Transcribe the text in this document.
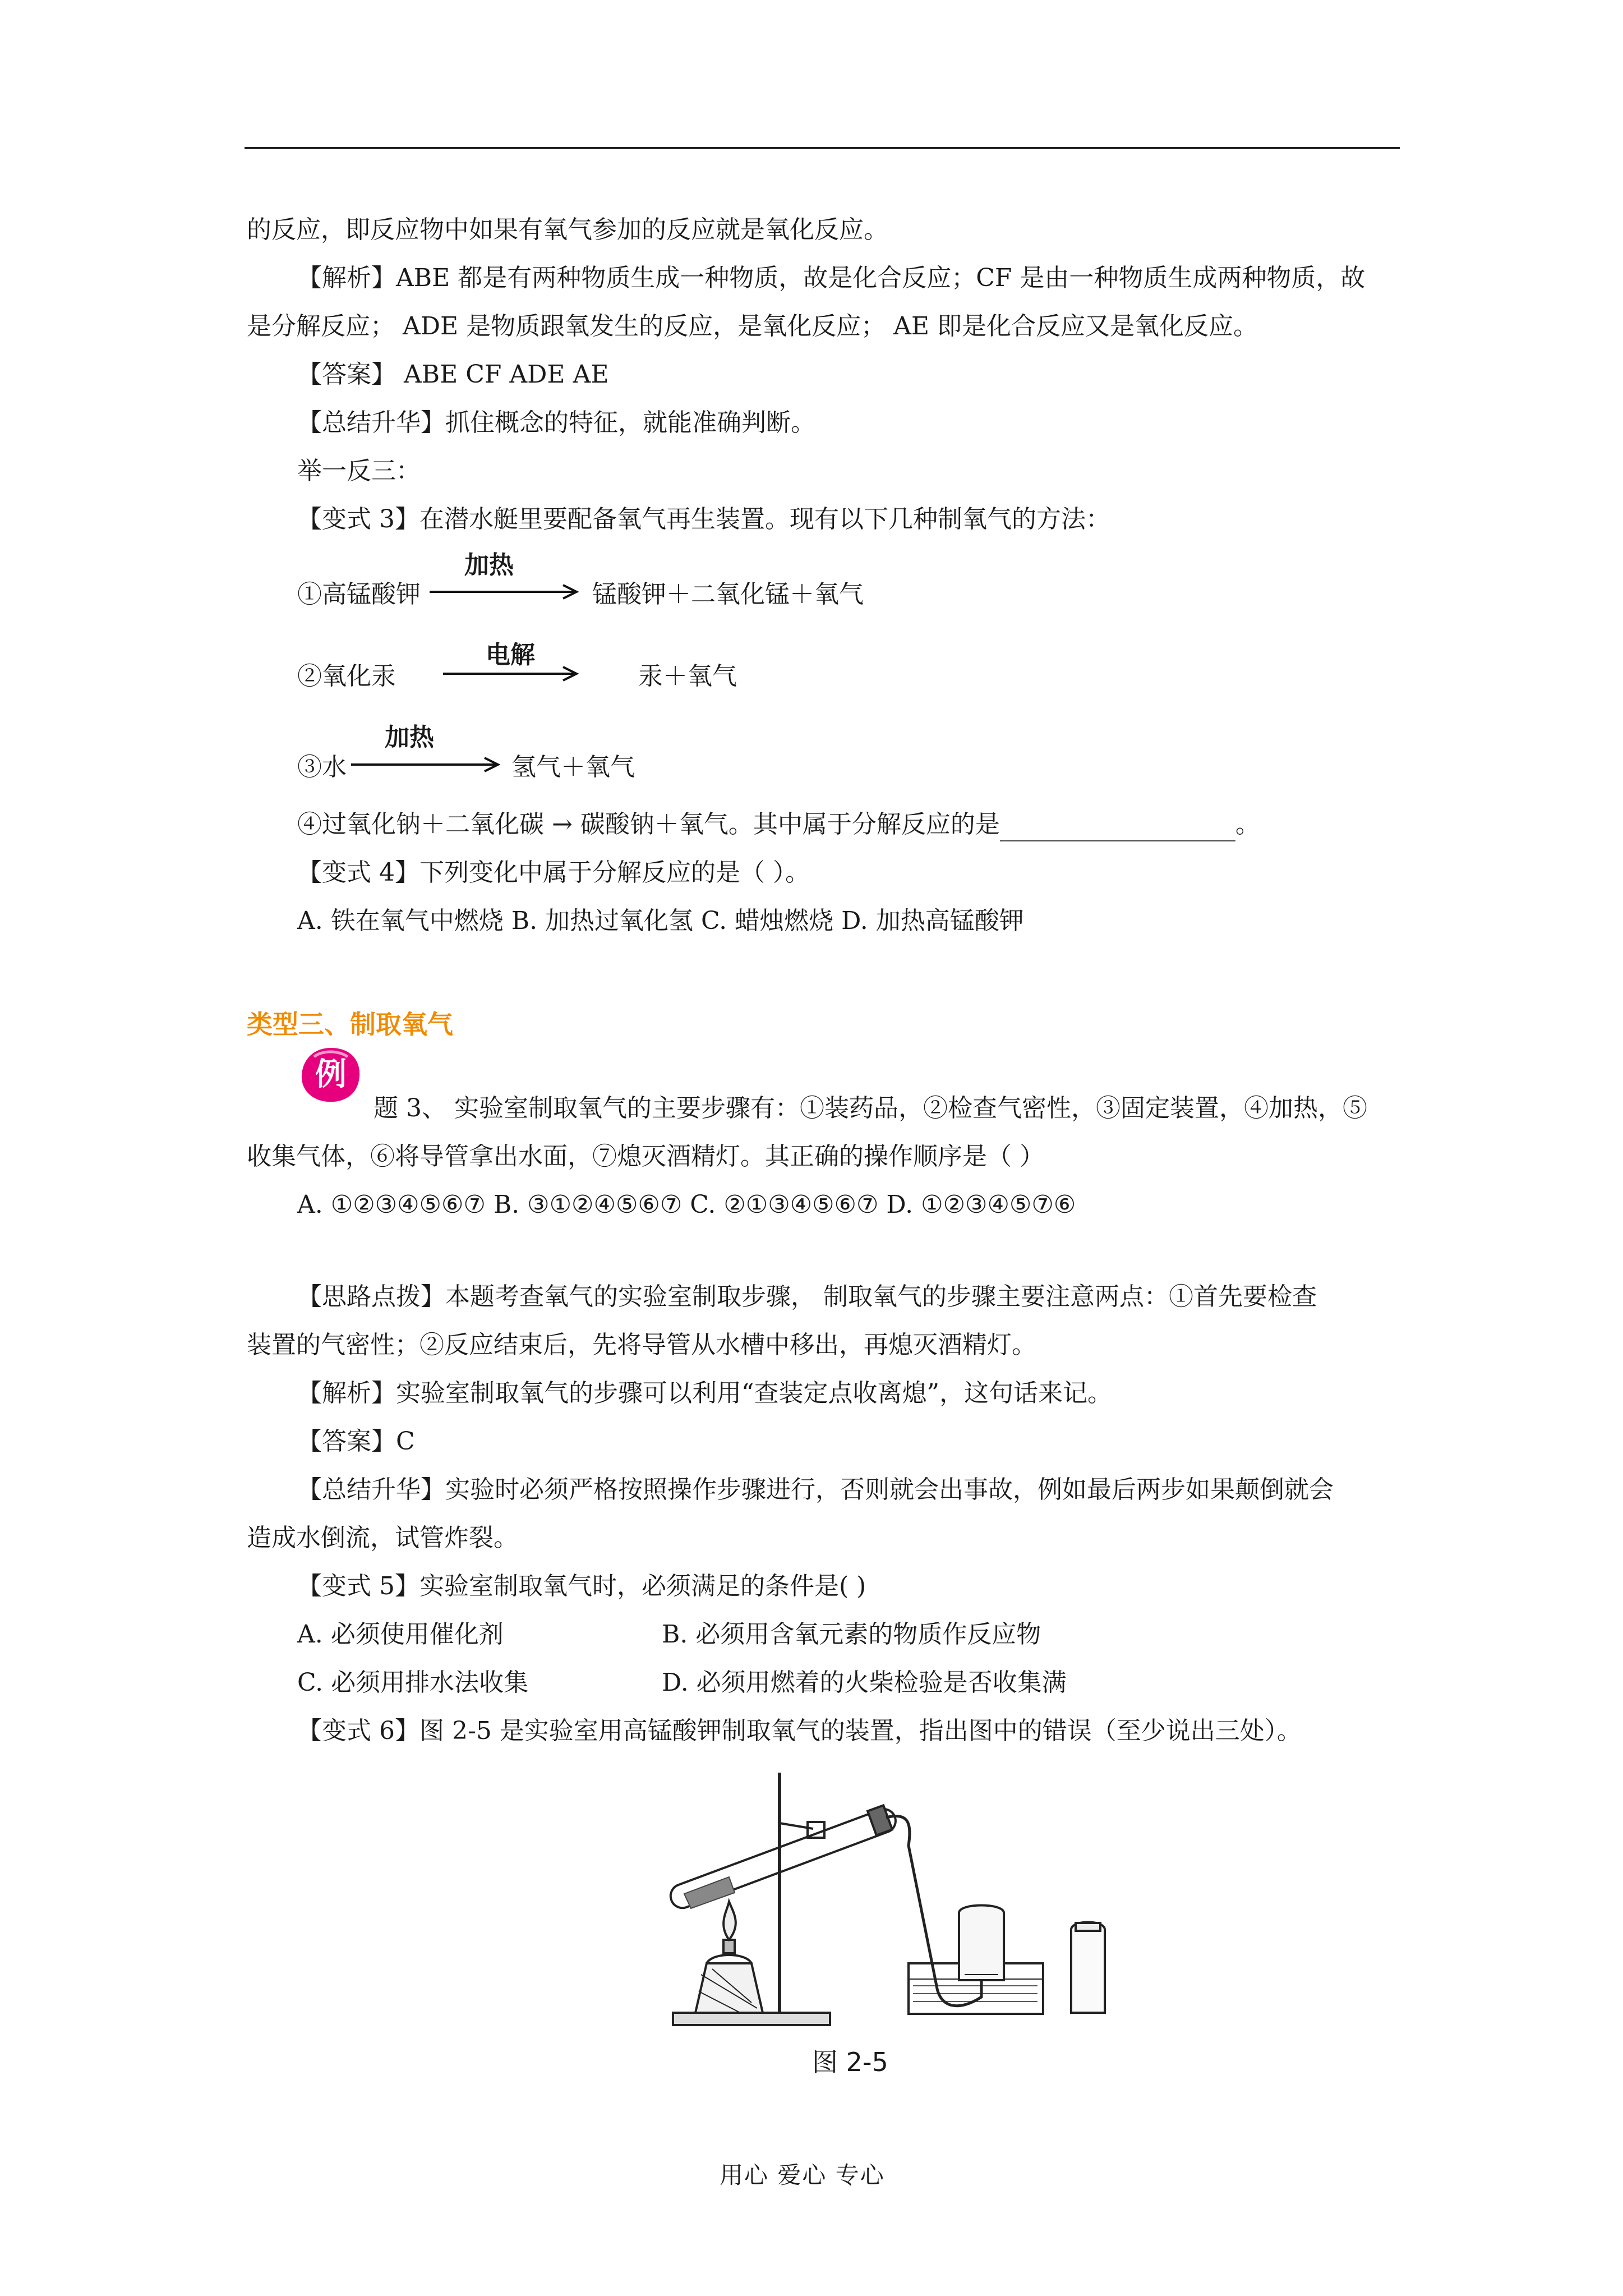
的反应，即反应物中如果有氧气参加的反应就是氧化反应。
【解析】ABE 都是有两种物质生成一种物质，故是化合反应；CF 是由一种物质生成两种物质，故
是分解反应； ADE 是物质跟氧发生的反应，是氧化反应； AE 即是化合反应又是氧化反应。
【答案】 ABE CF ADE AE
【总结升华】抓住概念的特征，就能准确判断。
举一反三：
【变式 3】在潜水艇里要配备氧气再生装置。现有以下几种制氧气的方法：
①高锰酸钾
加热
锰酸钾＋二氧化锰＋氧气
②氧化汞
电解
汞＋氧气
③水
加热
氢气＋氧气
④过氧化钠＋二氧化碳 → 碳酸钠＋氧气。其中属于分解反应的是	。
【变式 4】下列变化中属于分解反应的是（ ）。
A. 铁在氧气中燃烧 B. 加热过氧化氢 C. 蜡烛燃烧 D. 加热高锰酸钾
类型三、制取氧气
例
题 3、 实验室制取氧气的主要步骤有：①装药品，②检查气密性，③固定装置，④加热，⑤
收集气体，⑥将导管拿出水面，⑦熄灭酒精灯。其正确的操作顺序是（ ）
A. ①②③④⑤⑥⑦ B. ③①②④⑤⑥⑦ C. ②①③④⑤⑥⑦ D. ①②③④⑤⑦⑥
【思路点拨】本题考查氧气的实验室制取步骤， 制取氧气的步骤主要注意两点：①首先要检查
装置的气密性；②反应结束后，先将导管从水槽中移出，再熄灭酒精灯。
【解析】实验室制取氧气的步骤可以利用“查装定点收离熄”，这句话来记。
【答案】C
【总结升华】实验时必须严格按照操作步骤进行，否则就会出事故，例如最后两步如果颠倒就会
造成水倒流，试管炸裂。
【变式 5】实验室制取氧气时，必须满足的条件是( )
A. 必须使用催化剂	B. 必须用含氧元素的物质作反应物
C. 必须用排水法收集	D. 必须用燃着的火柴检验是否收集满
【变式 6】图 2-5 是实验室用高锰酸钾制取氧气的装置，指出图中的错误（至少说出三处）。
图 2-5
用心 爱心 专心
